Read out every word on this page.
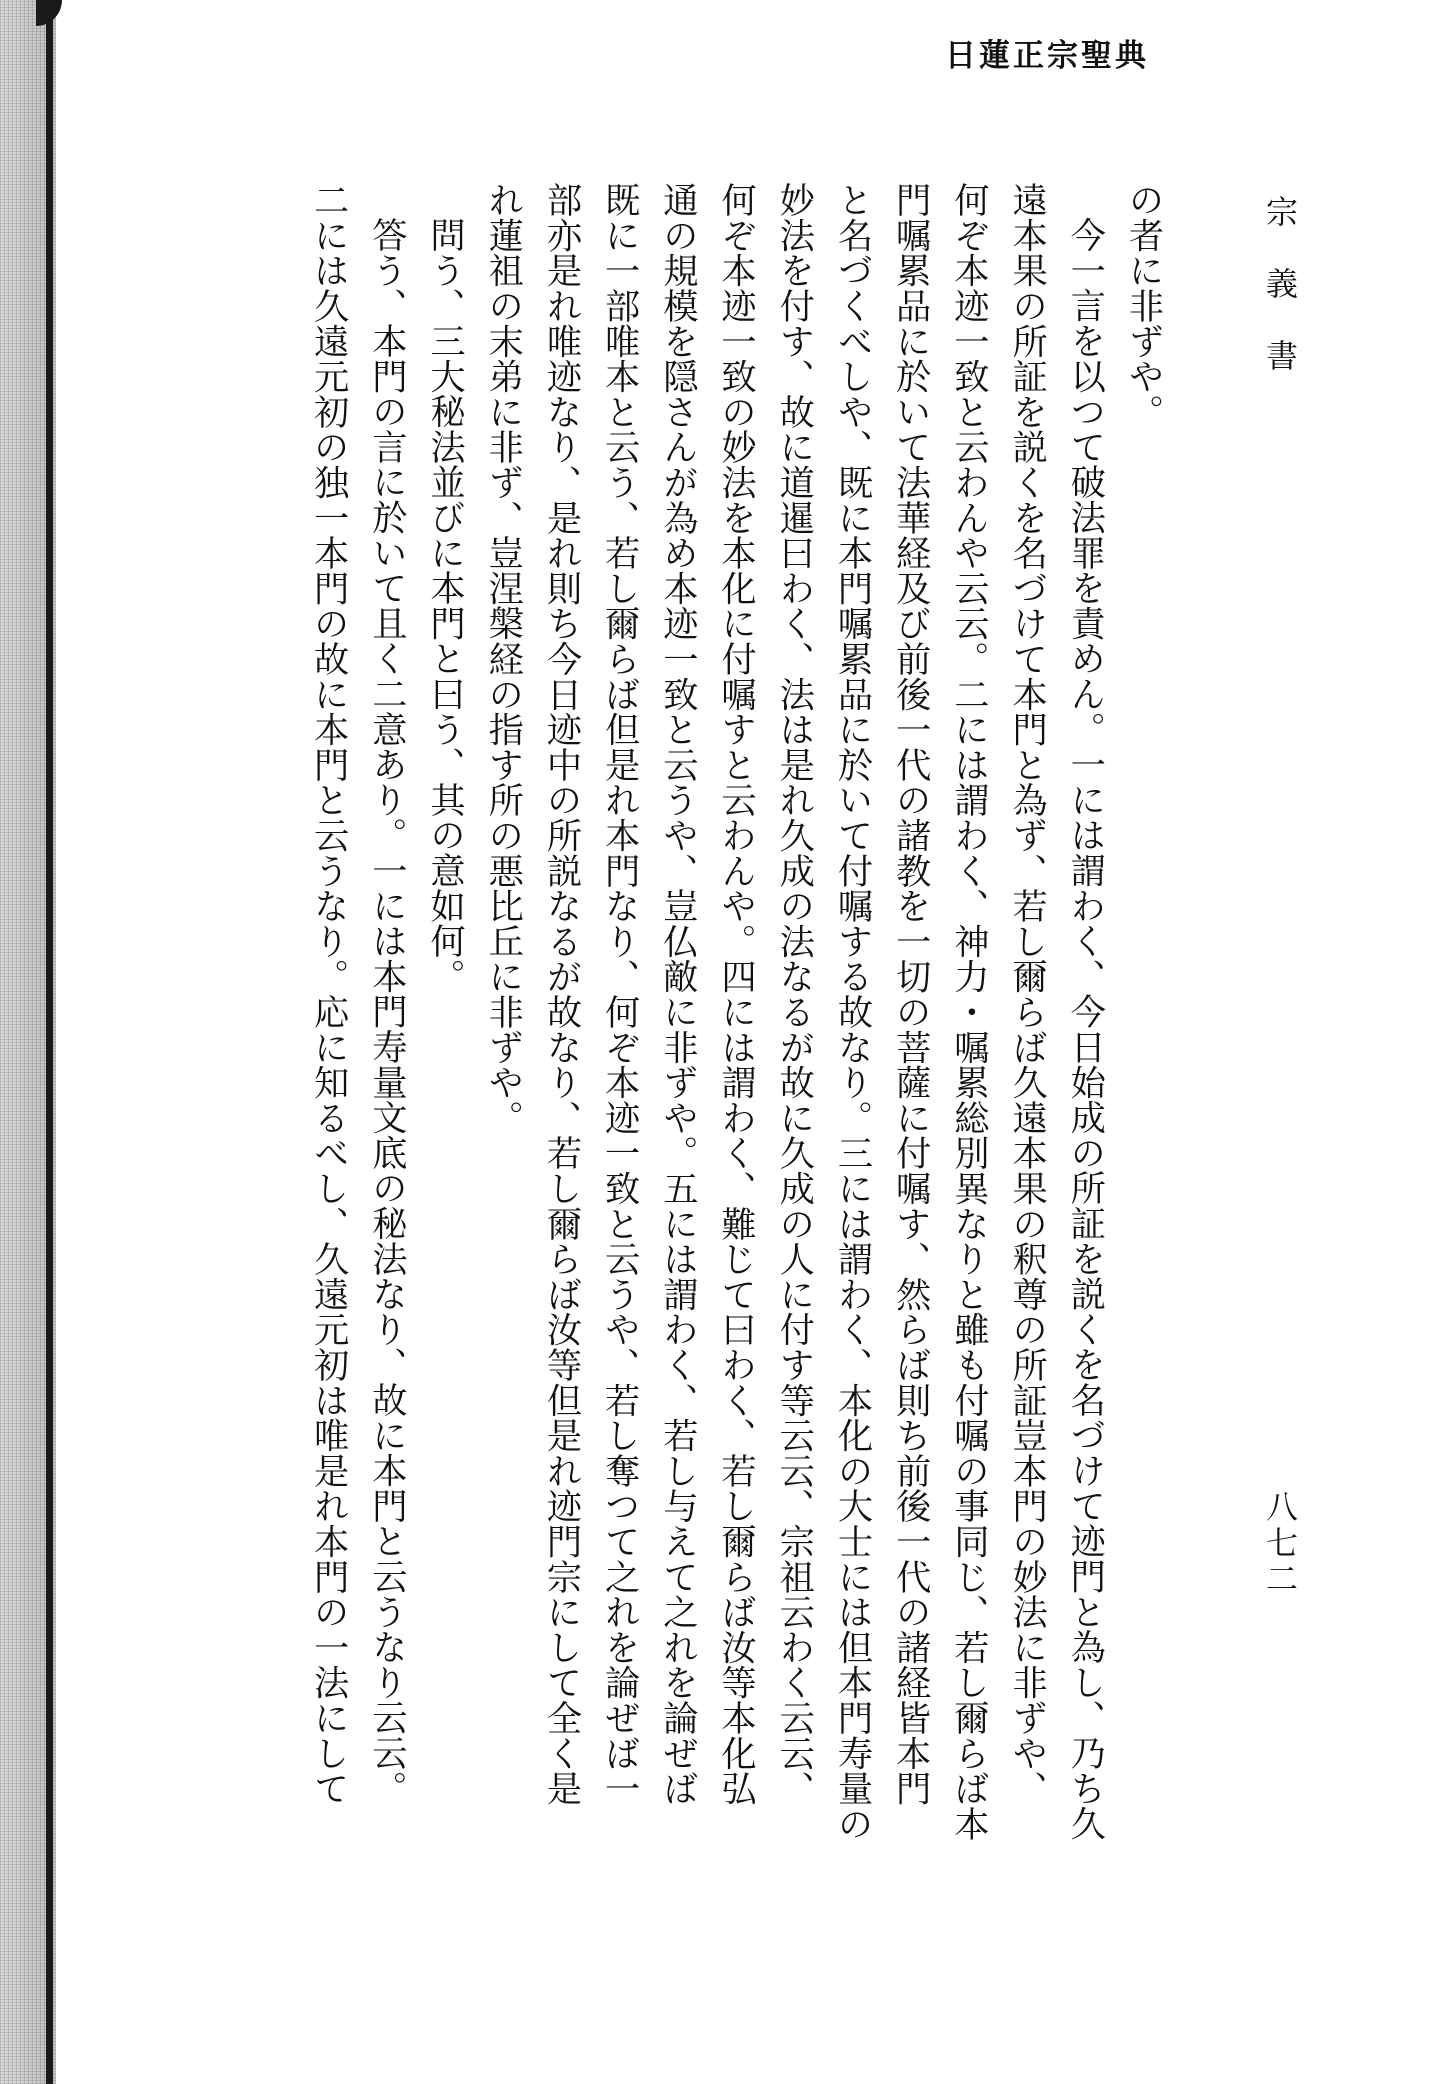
日蓮正宗聖典
宗義書
八七二
の者に非ずや。
今一言を以つて破法罪を責めん。一には謂わく、今日始成の所証を説くを名づけて迹門と為し、乃ち久
遠本果の所証を説くを名づけて本門と為ず、若し爾らば久遠本果の釈尊の所証豈本門の妙法に非ずや、
何ぞ本迹一致と云わんや云云。二には謂わく、神力・嘱累総別異なりと雖も付嘱の事同じ、若し爾らば本
門嘱累品に於いて法華経及び前後一代の諸教を一切の菩薩に付嘱す、然らば則ち前後一代の諸経皆本門
と名づくべしや、既に本門嘱累品に於いて付嘱する故なり。三には謂わく、本化の大士には但本門寿量の
妙法を付す、故に道暹曰わく、法は是れ久成の法なるが故に久成の人に付す等云云、宗祖云わく云云、
何ぞ本迹一致の妙法を本化に付嘱すと云わんや。四には謂わく、難じて曰わく、若し爾らば汝等本化弘
通の規模を隠さんが為め本迹一致と云うや、豈仏敵に非ずや。五には謂わく、若し与えて之れを論ぜば
既に一部唯本と云う、若し爾らば但是れ本門なり、何ぞ本迹一致と云うや、若し奪つて之れを論ぜば一
部亦是れ唯迹なり、是れ則ち今日迹中の所説なるが故なり、若し爾らば汝等但是れ迹門宗にして全く是
れ蓮祖の末弟に非ず、豈涅槃経の指す所の悪比丘に非ずや。
問う、三大秘法並びに本門と曰う、其の意如何。
答う、本門の言に於いて且く二意あり。一には本門寿量文底の秘法なり、故に本門と云うなり云云。
二には久遠元初の独一本門の故に本門と云うなり。応に知るべし、久遠元初は唯是れ本門の一法にして
